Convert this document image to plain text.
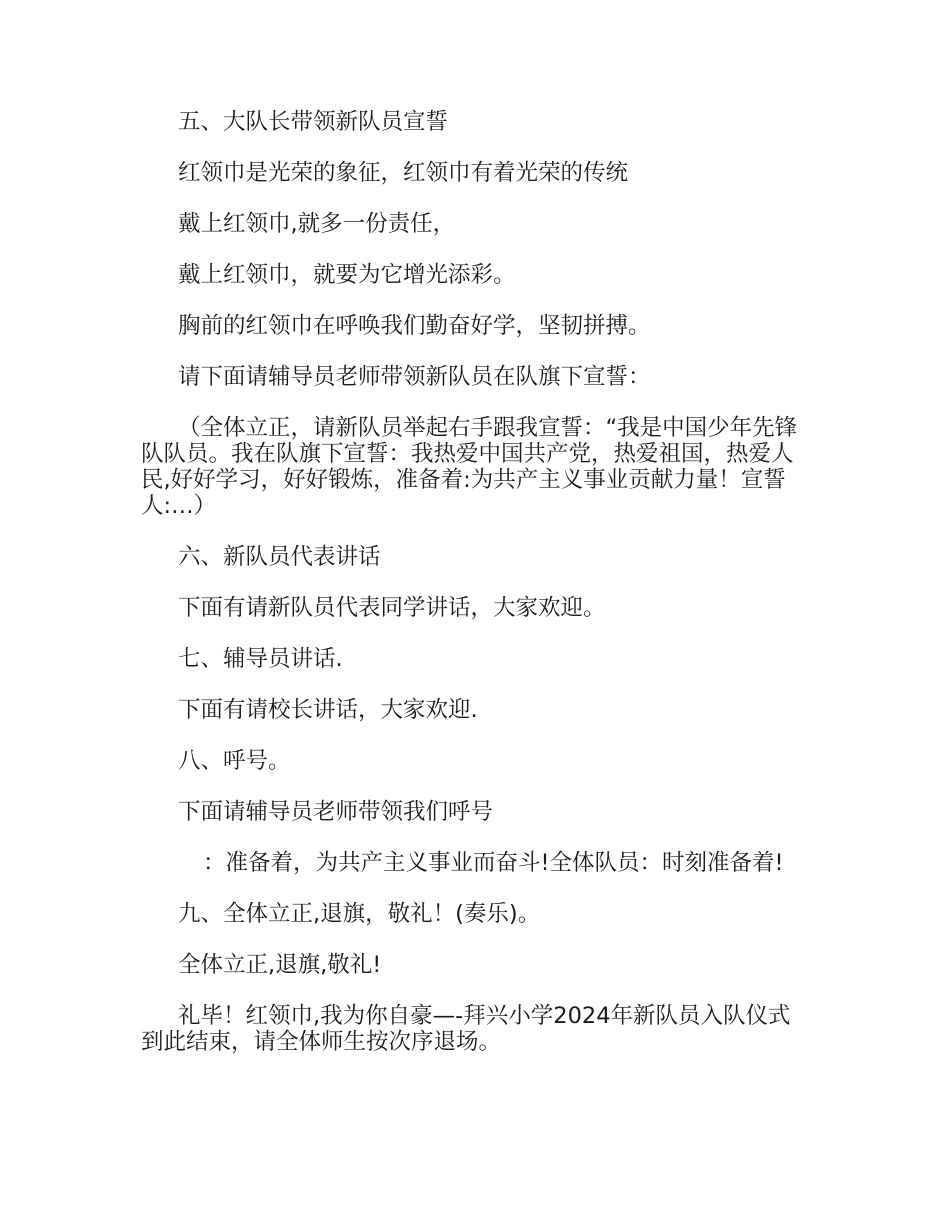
五、大队长带领新队员宣誓

红领巾是光荣的象征，红领巾有着光荣的传统

戴上红领巾,就多一份责任，

戴上红领巾，就要为它增光添彩。

胸前的红领巾在呼唤我们勤奋好学，坚韧拼搏。

请下面请辅导员老师带领新队员在队旗下宣誓：

（全体立正，请新队员举起右手跟我宣誓：“我是中国少年先锋队队员。我在队旗下宣誓：我热爱中国共产党，热爱祖国，热爱人民,好好学习，好好锻炼，准备着:为共产主义事业贡献力量！宣誓人:…）

六、新队员代表讲话

下面有请新队员代表同学讲话，大家欢迎。

七、辅导员讲话.

下面有请校长讲话，大家欢迎.

八、呼号。

下面请辅导员老师带领我们呼号

：准备着，为共产主义事业而奋斗!全体队员：时刻准备着!

九、全体立正,退旗，敬礼！(奏乐)。

全体立正,退旗,敬礼!

礼毕！红领巾,我为你自豪—-拜兴小学2024年新队员入队仪式到此结束，请全体师生按次序退场。
